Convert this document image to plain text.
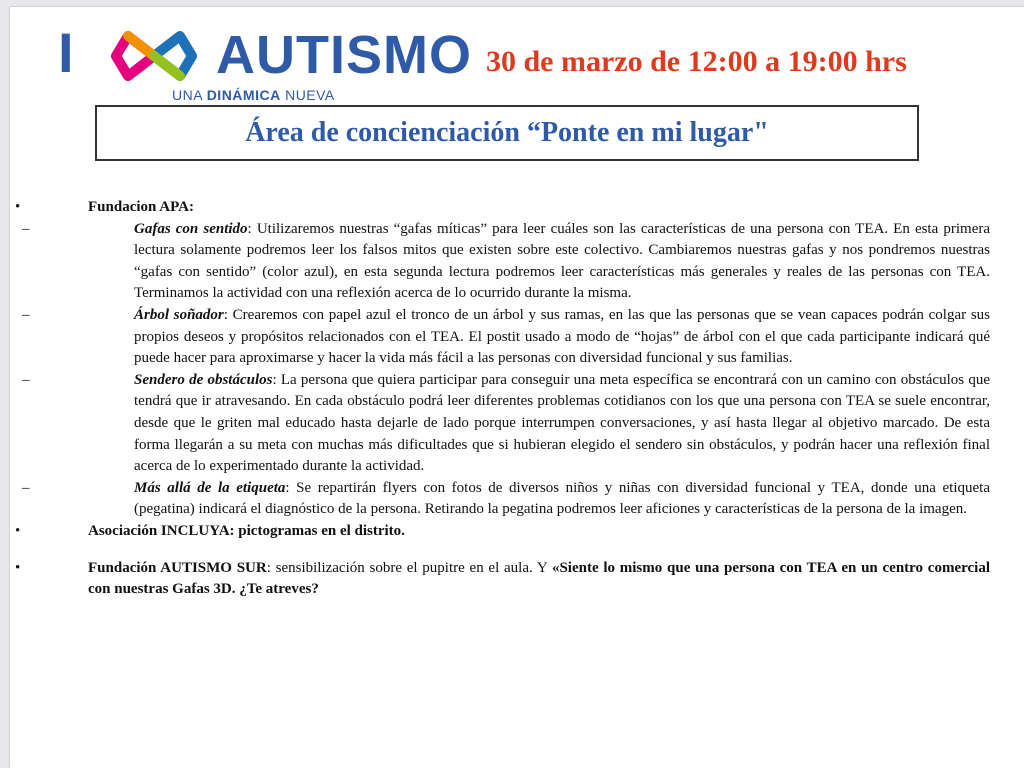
I	AUTISMO
UNA DINÁMICA NUEVA
30 de marzo de 12:00 a 19:00 hrs
Área de concienciación “Ponte en mi lugar"
•	Fundacion APA:
–	Gafas con sentido: Utilizaremos nuestras “gafas míticas” para leer cuáles son las características de una persona con TEA. En esta primera lectura solamente podremos leer los falsos mitos que existen sobre este colectivo. Cambiaremos nuestras gafas y nos pondremos nuestras “gafas con sentido” (color azul), en esta segunda lectura podremos leer características más generales y reales de las personas con TEA. Terminamos la actividad con una reflexión acerca de lo ocurrido durante la misma.
–	Árbol soñador: Crearemos con papel azul el tronco de un árbol y sus ramas, en las que las personas que se vean capaces podrán colgar sus propios deseos y propósitos relacionados con el TEA. El postit usado a modo de “hojas” de árbol con el que cada participante indicará qué puede hacer para aproximarse y hacer la vida más fácil a las personas con diversidad funcional y sus familias.
–	Sendero de obstáculos: La persona que quiera participar para conseguir una meta específica se encontrará con un camino con obstáculos que tendrá que ir atravesando. En cada obstáculo podrá leer diferentes problemas cotidianos con los que una persona con TEA se suele encontrar, desde que le griten mal educado hasta dejarle de lado porque interrumpen conversaciones, y así hasta llegar al objetivo marcado. De esta forma llegarán a su meta con muchas más dificultades que si hubieran elegido el sendero sin obstáculos, y podrán hacer una reflexión final acerca de lo experimentado durante la actividad.
–	Más allá de la etiqueta: Se repartirán flyers con fotos de diversos niños y niñas con diversidad funcional y TEA, donde una etiqueta (pegatina) indicará el diagnóstico de la persona. Retirando la pegatina podremos leer aficiones y características de la persona de la imagen.
•	Asociación INCLUYA: pictogramas en el distrito.
•	Fundación AUTISMO SUR: sensibilización sobre el pupitre en el aula. Y «Siente lo mismo que una persona con TEA en un centro comercial con nuestras Gafas 3D. ¿Te atreves?
